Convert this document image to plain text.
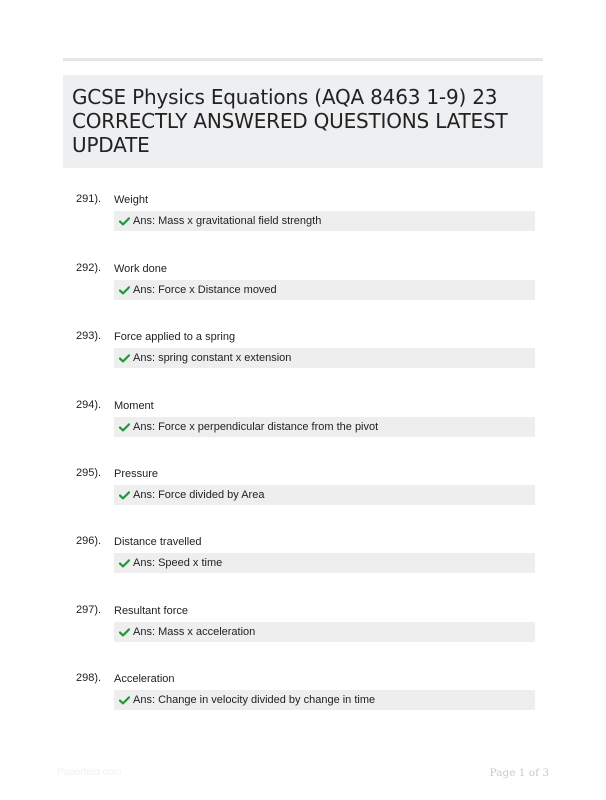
GCSE Physics Equations (AQA 8463 1-9) 23 CORRECTLY ANSWERED QUESTIONS LATEST UPDATE
291). Weight
Ans: Mass x gravitational field strength
292). Work done
Ans: Force x Distance moved
293). Force applied to a spring
Ans: spring constant x extension
294). Moment
Ans: Force x perpendicular distance from the pivot
295). Pressure
Ans: Force divided by Area
296). Distance travelled
Ans: Speed x time
297). Resultant force
Ans: Mass x acceleration
298). Acceleration
Ans: Change in velocity divided by change in time
Paperfeld.com	Page 1 of 3
